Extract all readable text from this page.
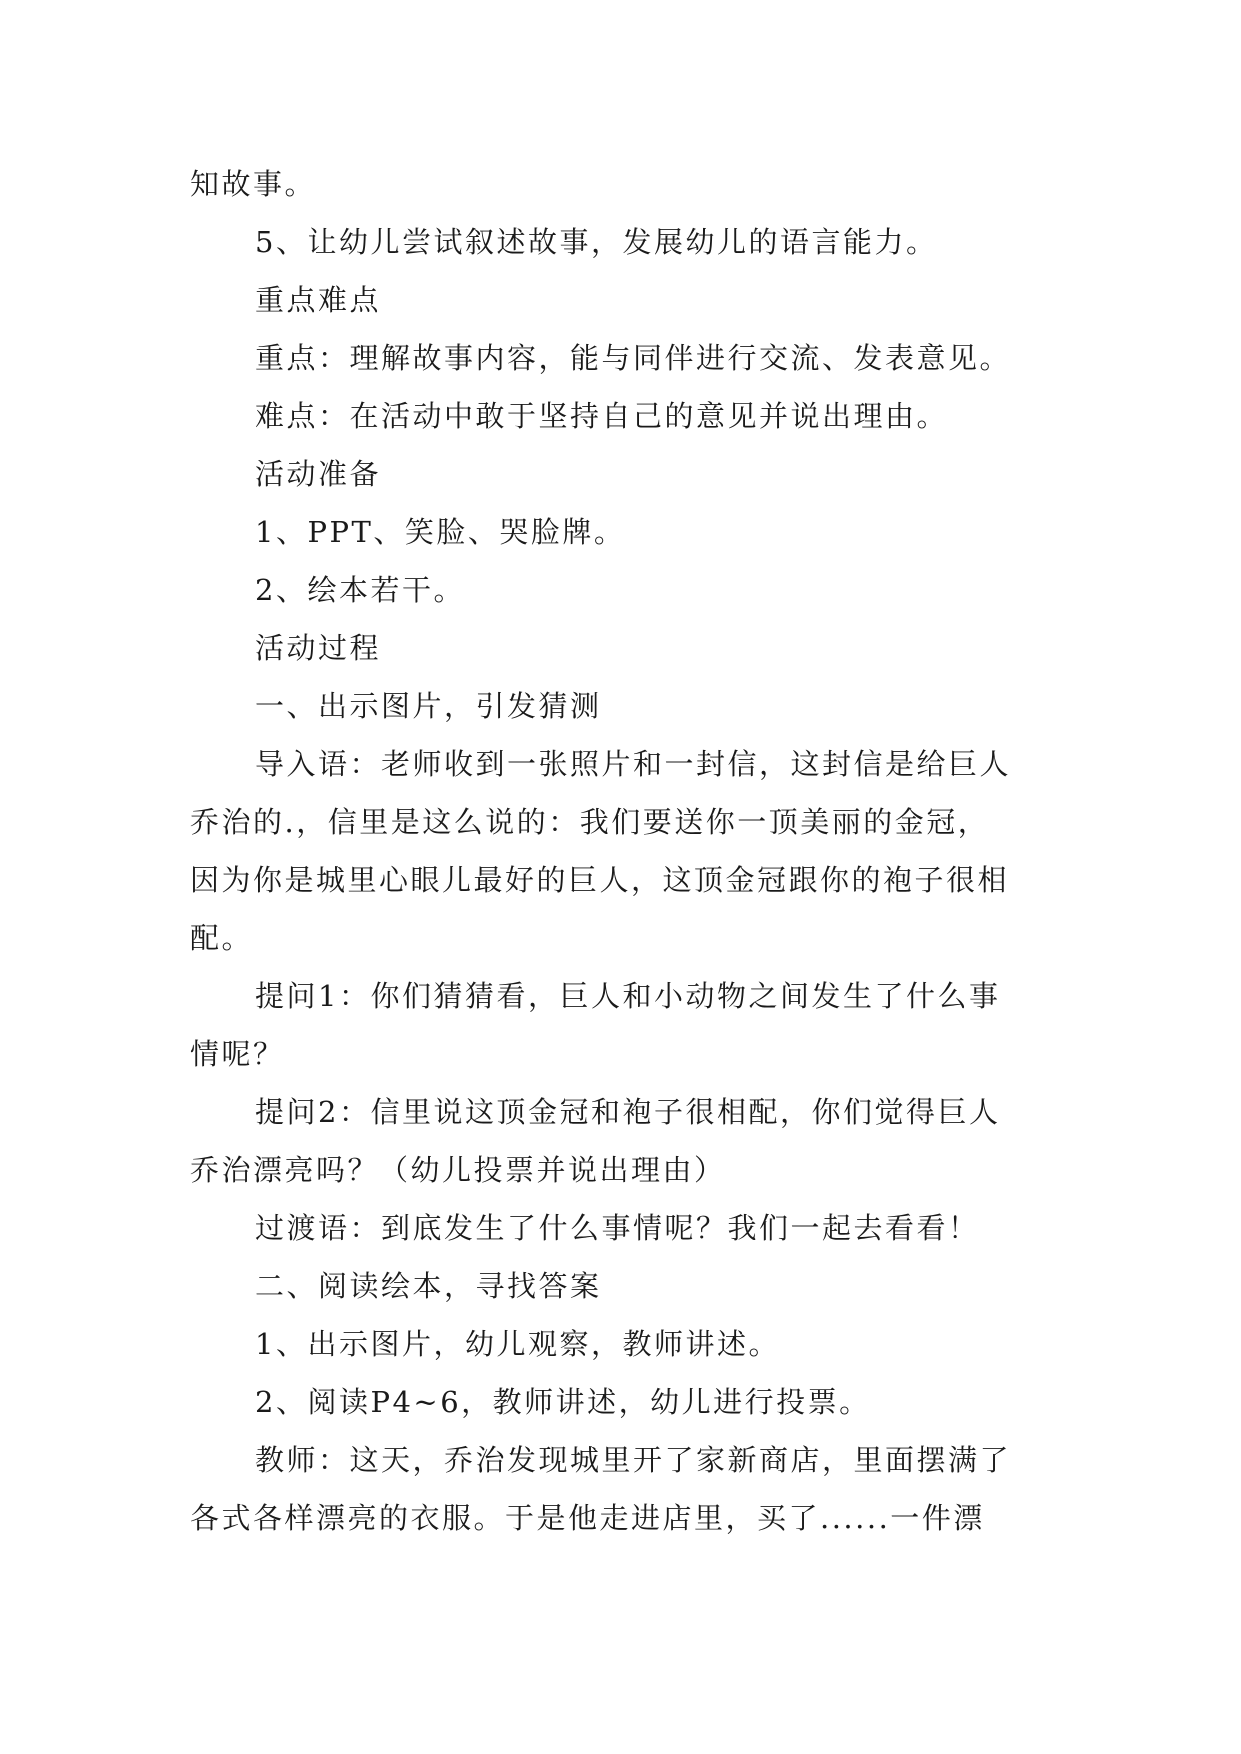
知故事。
5、让幼儿尝试叙述故事，发展幼儿的语言能力。
重点难点
重点：理解故事内容，能与同伴进行交流、发表意见。
难点：在活动中敢于坚持自己的意见并说出理由。
活动准备
1、PPT、笑脸、哭脸牌。
2、绘本若干。
活动过程
一、出示图片，引发猜测
导入语：老师收到一张照片和一封信，这封信是给巨人
乔治的.，信里是这么说的：我们要送你一顶美丽的金冠，
因为你是城里心眼儿最好的巨人，这顶金冠跟你的袍子很相
配。
提问1：你们猜猜看，巨人和小动物之间发生了什么事
情呢？
提问2：信里说这顶金冠和袍子很相配，你们觉得巨人
乔治漂亮吗？（幼儿投票并说出理由）
过渡语：到底发生了什么事情呢？我们一起去看看！
二、阅读绘本，寻找答案
1、出示图片，幼儿观察，教师讲述。
2、阅读P4~6，教师讲述，幼儿进行投票。
教师：这天，乔治发现城里开了家新商店，里面摆满了
各式各样漂亮的衣服。于是他走进店里，买了......一件漂
